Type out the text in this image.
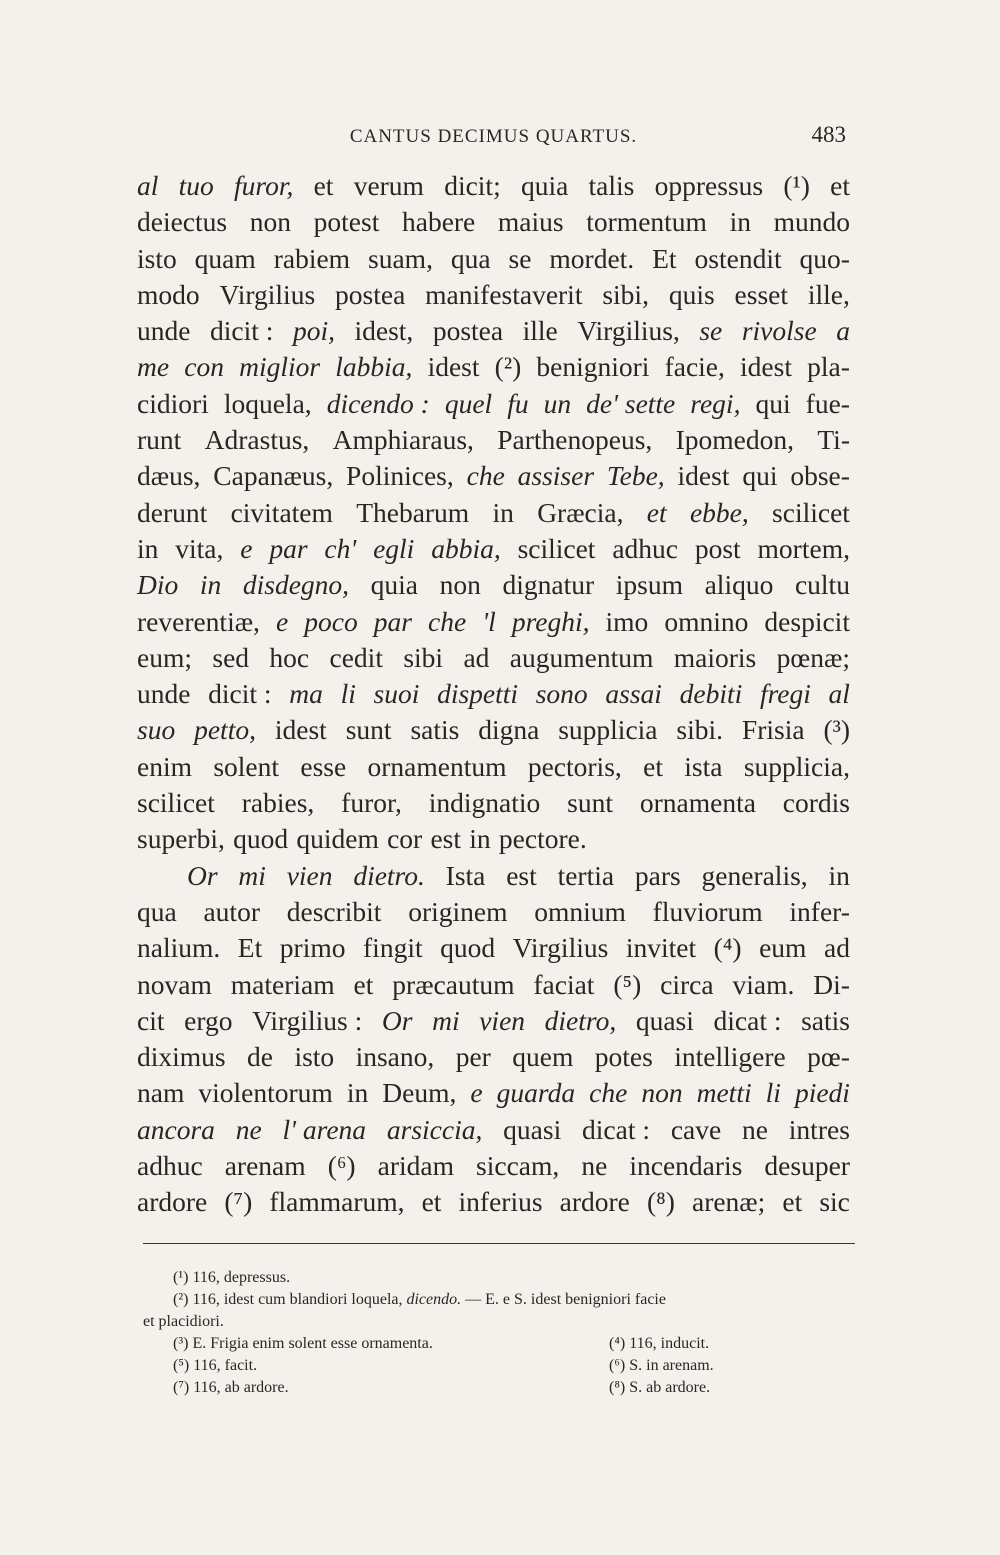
CANTUS DECIMUS QUARTUS.	483
al tuo furor, et verum dicit; quia talis oppressus (¹) et
deiectus non potest habere maius tormentum in mundo
isto quam rabiem suam, qua se mordet. Et ostendit quo-
modo Virgilius postea manifestaverit sibi, quis esset ille,
unde dicit : poi, idest, postea ille Virgilius, se rivolse a
me con miglior labbia, idest (²) benigniori facie, idest pla-
cidiori loquela, dicendo : quel fu un de' sette regi, qui fue-
runt Adrastus, Amphiaraus, Parthenopeus, Ipomedon, Ti-
dæus, Capanæus, Polinices, che assiser Tebe, idest qui obse-
derunt civitatem Thebarum in Græcia, et ebbe, scilicet
in vita, e par ch' egli abbia, scilicet adhuc post mortem,
Dio in disdegno, quia non dignatur ipsum aliquo cultu
reverentiæ, e poco par che 'l preghi, imo omnino despicit
eum; sed hoc cedit sibi ad augumentum maioris pœnæ;
unde dicit : ma li suoi dispetti sono assai debiti fregi al
suo petto, idest sunt satis digna supplicia sibi. Frisia (³)
enim solent esse ornamentum pectoris, et ista supplicia,
scilicet rabies, furor, indignatio sunt ornamenta cordis
superbi, quod quidem cor est in pectore.
Or mi vien dietro. Ista est tertia pars generalis, in
qua autor describit originem omnium fluviorum infer-
nalium. Et primo fingit quod Virgilius invitet (⁴) eum ad
novam materiam et præcautum faciat (⁵) circa viam. Di-
cit ergo Virgilius : Or mi vien dietro, quasi dicat : satis
diximus de isto insano, per quem potes intelligere pœ-
nam violentorum in Deum, e guarda che non metti li piedi
ancora ne l' arena arsiccia, quasi dicat : cave ne intres
adhuc arenam (⁶) aridam siccam, ne incendaris desuper
ardore (⁷) flammarum, et inferius ardore (⁸) arenæ; et sic
(¹) 116, depressus.
(²) 116, idest cum blandiori loquela, dicendo. — E. e S. idest benigniori facie
et placidiori.
(³) E. Frigia enim solent esse ornamenta.	(⁴) 116, inducit.
(⁵) 116, facit.	(⁶) S. in arenam.
(⁷) 116, ab ardore.	(⁸) S. ab ardore.
